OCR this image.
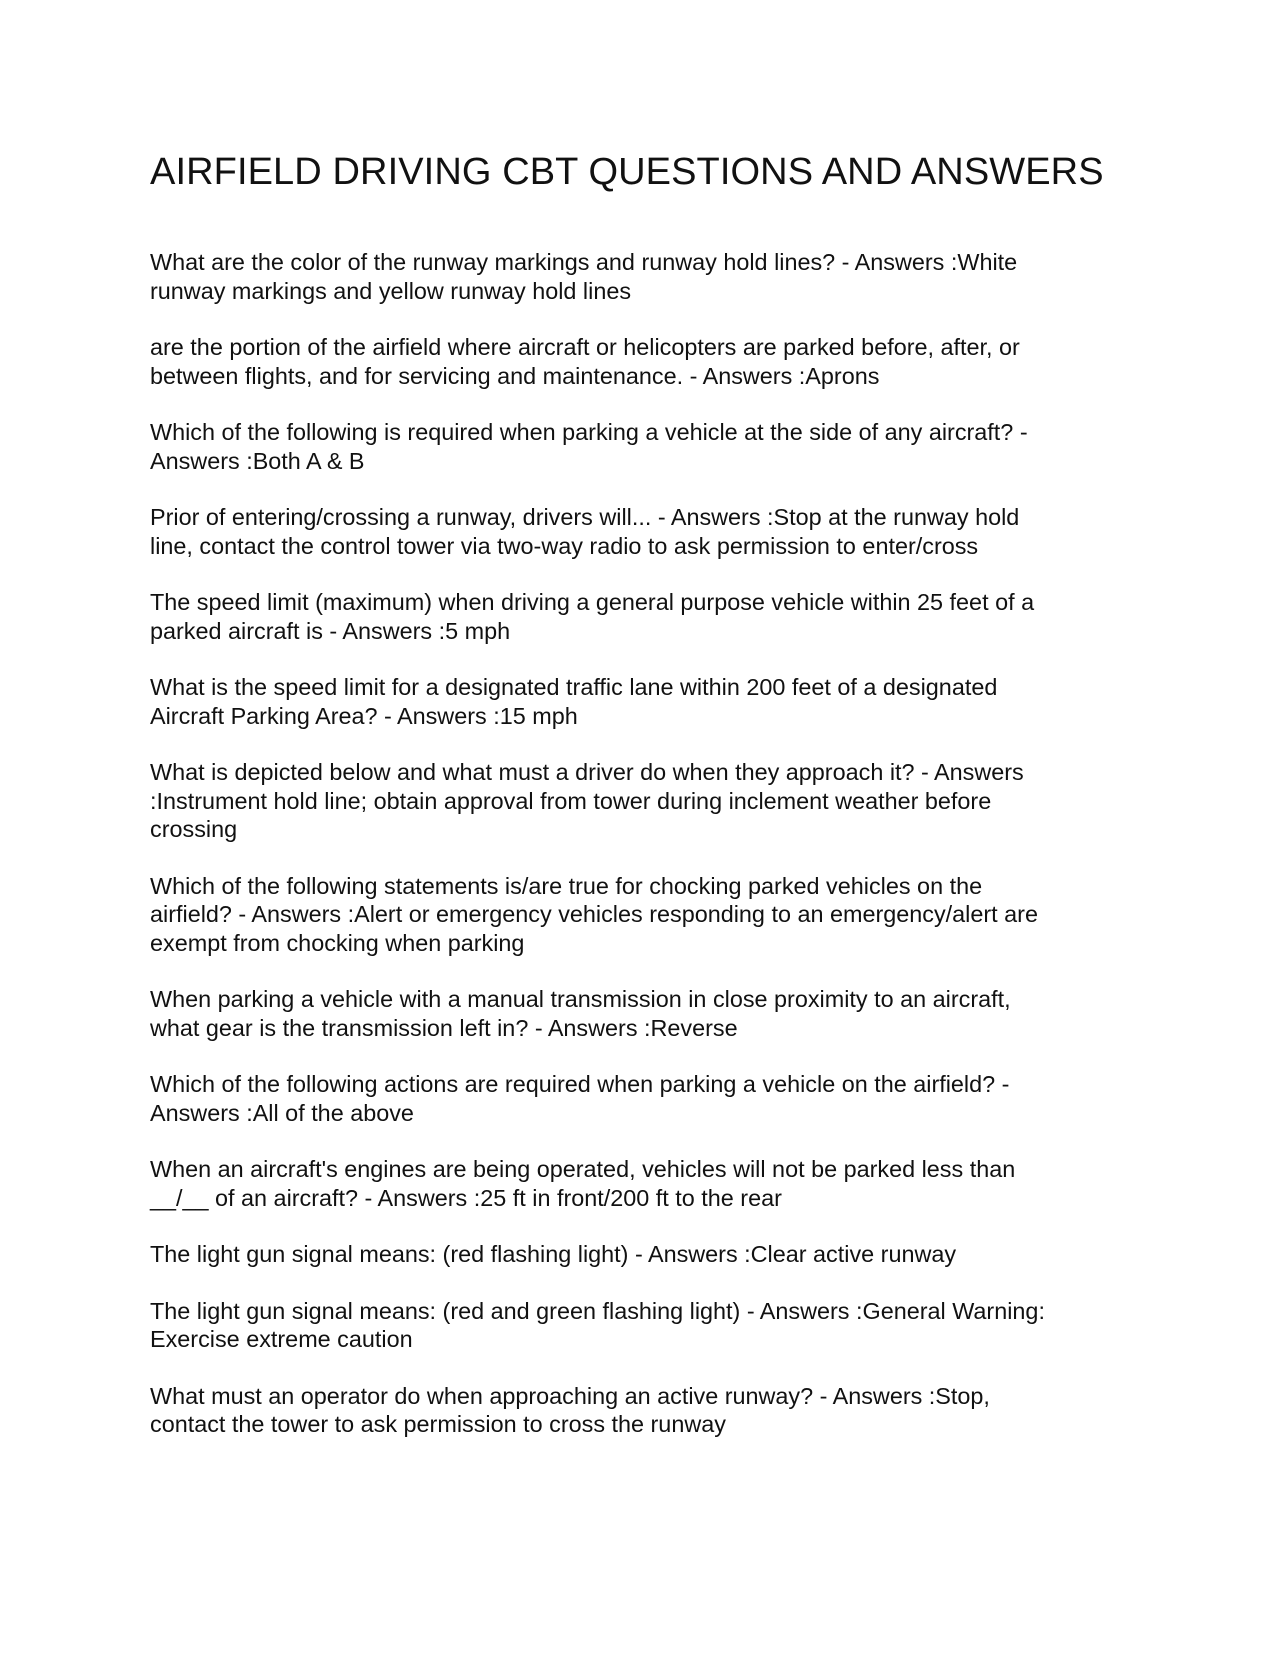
AIRFIELD DRIVING CBT QUESTIONS AND ANSWERS

What are the color of the runway markings and runway hold lines? - Answers :White
runway markings and yellow runway hold lines

are the portion of the airfield where aircraft or helicopters are parked before, after, or
between flights, and for servicing and maintenance. - Answers :Aprons

Which of the following is required when parking a vehicle at the side of any aircraft? -
Answers :Both A & B

Prior of entering/crossing a runway, drivers will... - Answers :Stop at the runway hold
line, contact the control tower via two-way radio to ask permission to enter/cross

The speed limit (maximum) when driving a general purpose vehicle within 25 feet of a
parked aircraft is - Answers :5 mph

What is the speed limit for a designated traffic lane within 200 feet of a designated
Aircraft Parking Area? - Answers :15 mph

What is depicted below and what must a driver do when they approach it? - Answers
:Instrument hold line; obtain approval from tower during inclement weather before
crossing

Which of the following statements is/are true for chocking parked vehicles on the
airfield? - Answers :Alert or emergency vehicles responding to an emergency/alert are
exempt from chocking when parking

When parking a vehicle with a manual transmission in close proximity to an aircraft,
what gear is the transmission left in? - Answers :Reverse

Which of the following actions are required when parking a vehicle on the airfield? -
Answers :All of the above

When an aircraft's engines are being operated, vehicles will not be parked less than
__/__ of an aircraft? - Answers :25 ft in front/200 ft to the rear

The light gun signal means: (red flashing light) - Answers :Clear active runway

The light gun signal means: (red and green flashing light) - Answers :General Warning:
Exercise extreme caution

What must an operator do when approaching an active runway? - Answers :Stop,
contact the tower to ask permission to cross the runway
